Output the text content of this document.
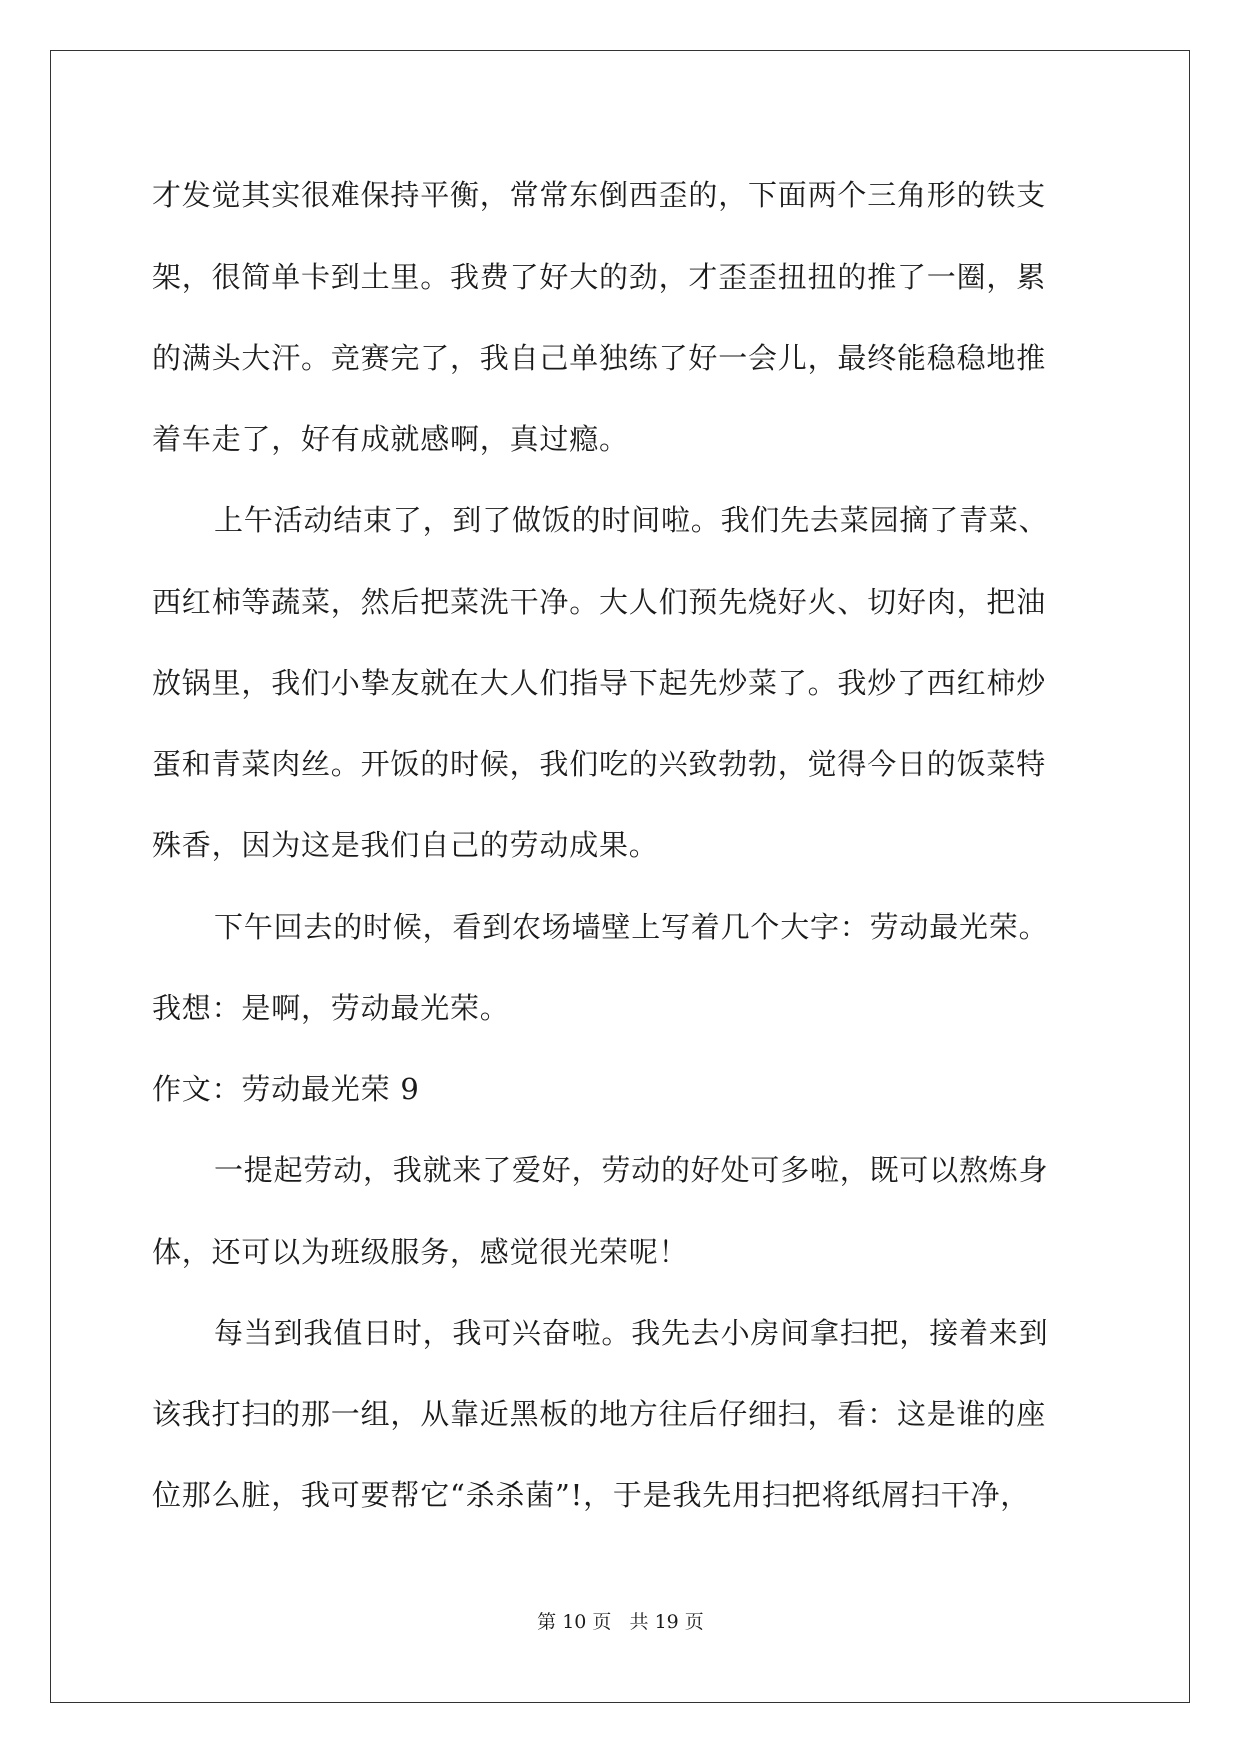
才发觉其实很难保持平衡，常常东倒西歪的，下面两个三角形的铁支
架，很简单卡到土里。我费了好大的劲，才歪歪扭扭的推了一圈，累
的满头大汗。竞赛完了，我自己单独练了好一会儿，最终能稳稳地推
着车走了，好有成就感啊，真过瘾。
上午活动结束了，到了做饭的时间啦。我们先去菜园摘了青菜、
西红柿等蔬菜，然后把菜洗干净。大人们预先烧好火、切好肉，把油
放锅里，我们小挚友就在大人们指导下起先炒菜了。我炒了西红柿炒
蛋和青菜肉丝。开饭的时候，我们吃的兴致勃勃，觉得今日的饭菜特
殊香，因为这是我们自己的劳动成果。
下午回去的时候，看到农场墙壁上写着几个大字：劳动最光荣。
我想：是啊，劳动最光荣。
作文：劳动最光荣 9
一提起劳动，我就来了爱好，劳动的好处可多啦，既可以熬炼身
体，还可以为班级服务，感觉很光荣呢！
每当到我值日时，我可兴奋啦。我先去小房间拿扫把，接着来到
该我打扫的那一组，从靠近黑板的地方往后仔细扫，看：这是谁的座
位那么脏，我可要帮它“杀杀菌”!，于是我先用扫把将纸屑扫干净，
第 10 页   共 19 页
